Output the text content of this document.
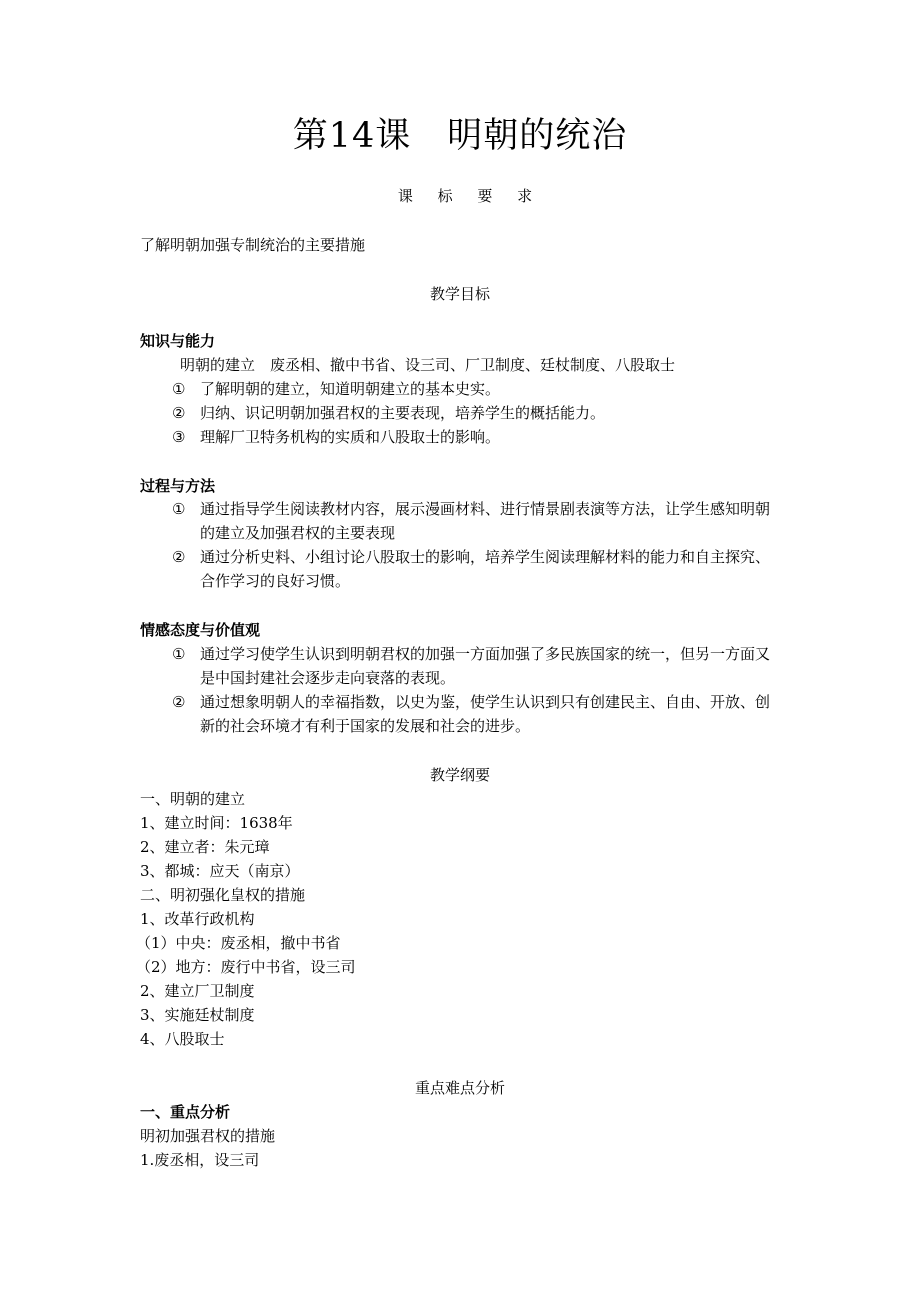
第14课　明朝的统治
课 标 要 求
了解明朝加强专制统治的主要措施
教学目标
知识与能力
明朝的建立　废丞相、撤中书省、设三司、厂卫制度、廷杖制度、八股取士
① 了解明朝的建立，知道明朝建立的基本史实。
② 归纳、识记明朝加强君权的主要表现，培养学生的概括能力。
③ 理解厂卫特务机构的实质和八股取士的影响。
过程与方法
① 通过指导学生阅读教材内容，展示漫画材料、进行情景剧表演等方法，让学生感知明朝的建立及加强君权的主要表现
② 通过分析史料、小组讨论八股取士的影响，培养学生阅读理解材料的能力和自主探究、合作学习的良好习惯。
情感态度与价值观
① 通过学习使学生认识到明朝君权的加强一方面加强了多民族国家的统一，但另一方面又是中国封建社会逐步走向衰落的表现。
② 通过想象明朝人的幸福指数，以史为鉴，使学生认识到只有创建民主、自由、开放、创新的社会环境才有利于国家的发展和社会的进步。
教学纲要
一、明朝的建立
1、建立时间：1638年
2、建立者：朱元璋
3、都城：应天（南京）
二、明初强化皇权的措施
1、改革行政机构
（1）中央：废丞相，撤中书省
（2）地方：废行中书省，设三司
2、建立厂卫制度
3、实施廷杖制度
4、八股取士
重点难点分析
一、重点分析
明初加强君权的措施
1.废丞相，设三司
